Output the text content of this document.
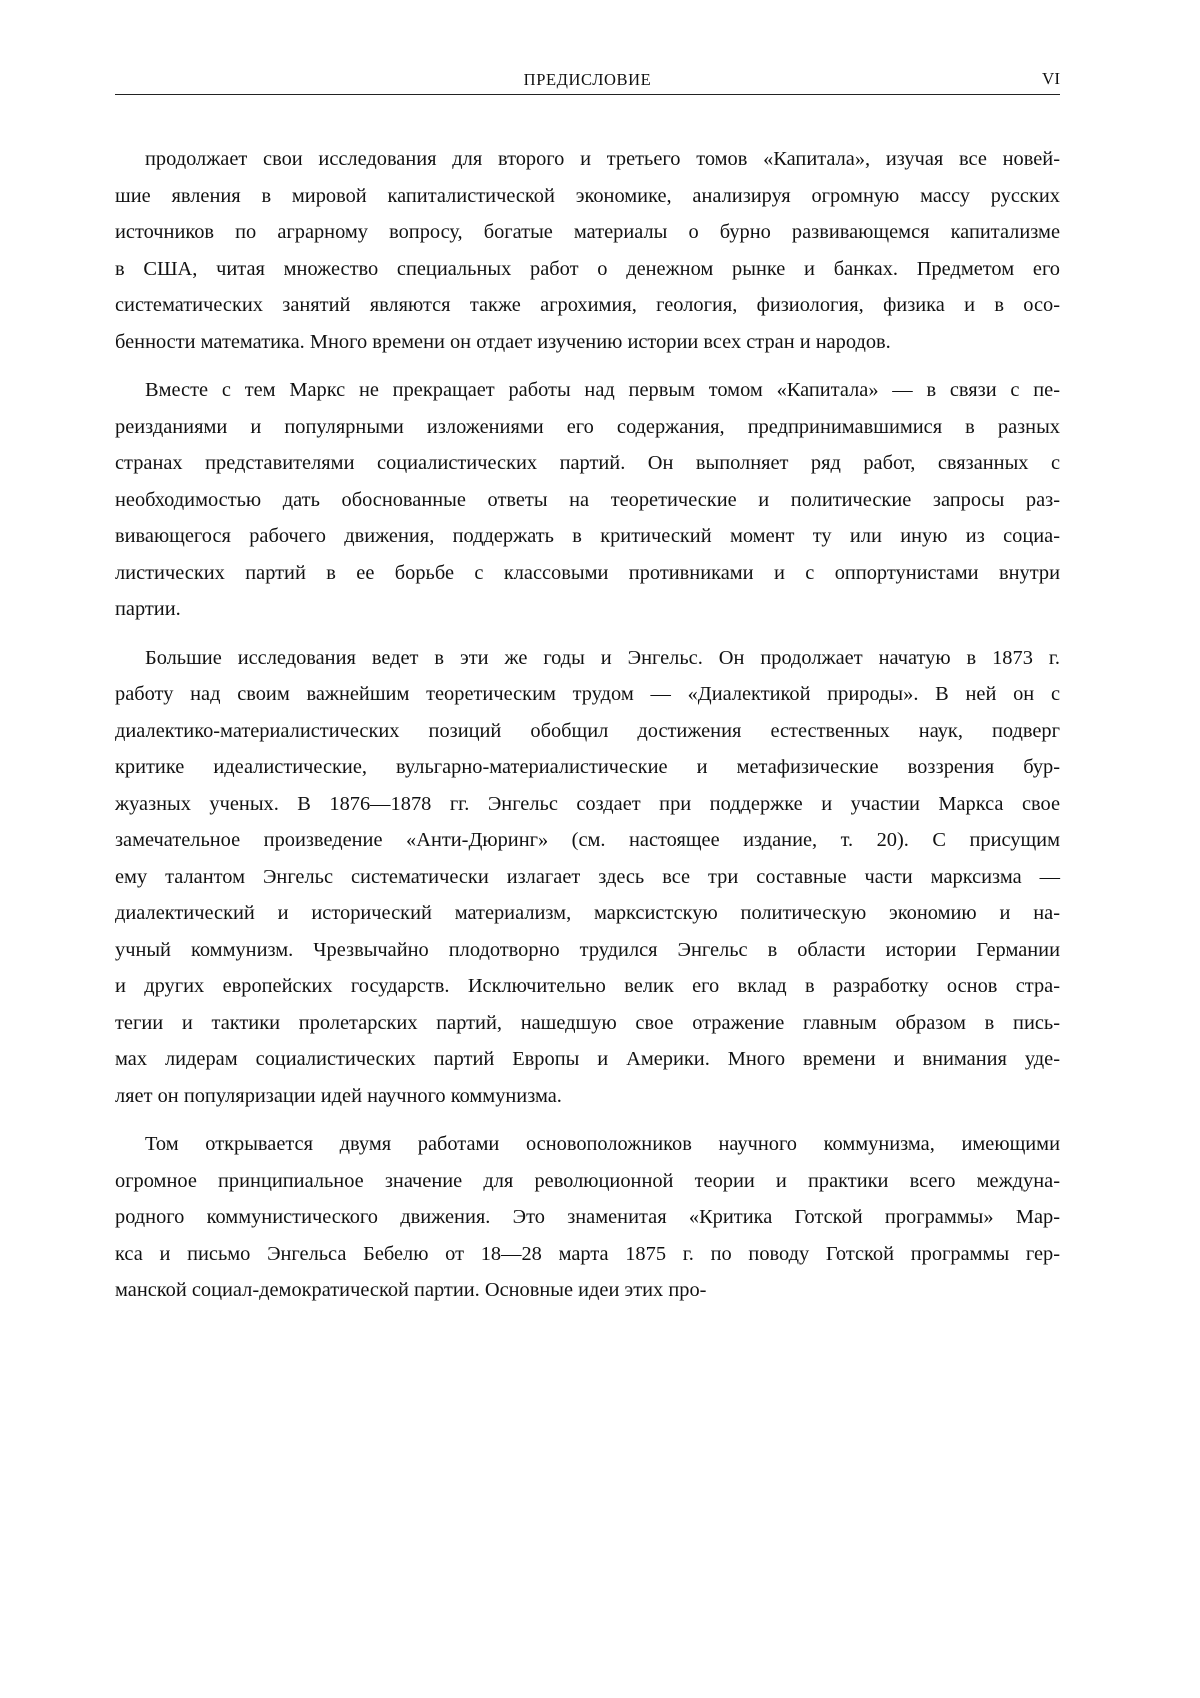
ПРЕДИСЛОВИЕ	VI
продолжает свои исследования для второго и третьего томов «Капитала», изучая все новей-
шие явления в мировой капиталистической экономике, анализируя огромную массу русских
источников по аграрному вопросу, богатые материалы о бурно развивающемся капитализме
в США, читая множество специальных работ о денежном рынке и банках. Предметом его
систематических занятий являются также агрохимия, геология, физиология, физика и в осо-
бенности математика. Много времени он отдает изучению истории всех стран и народов.
Вместе с тем Маркс не прекращает работы над первым томом «Капитала» — в связи с пе-
реизданиями и популярными изложениями его содержания, предпринимавшимися в разных
странах представителями социалистических партий. Он выполняет ряд работ, связанных с
необходимостью дать обоснованные ответы на теоретические и политические запросы раз-
вивающегося рабочего движения, поддержать в критический момент ту или иную из социа-
листических партий в ее борьбе с классовыми противниками и с оппортунистами внутри
партии.
Большие исследования ведет в эти же годы и Энгельс. Он продолжает начатую в 1873 г.
работу над своим важнейшим теоретическим трудом — «Диалектикой природы». В ней он с
диалектико-материалистических позиций обобщил достижения естественных наук, подверг
критике идеалистические, вульгарно-материалистические и метафизические воззрения бур-
жуазных ученых. В 1876—1878 гг. Энгельс создает при поддержке и участии Маркса свое
замечательное произведение «Анти-Дюринг» (см. настоящее издание, т. 20). С присущим
ему талантом Энгельс систематически излагает здесь все три составные части марксизма —
диалектический и исторический материализм, марксистскую политическую экономию и на-
учный коммунизм. Чрезвычайно плодотворно трудился Энгельс в области истории Германии
и других европейских государств. Исключительно велик его вклад в разработку основ стра-
тегии и тактики пролетарских партий, нашедшую свое отражение главным образом в пись-
мах лидерам социалистических партий Европы и Америки. Много времени и внимания уде-
ляет он популяризации идей научного коммунизма.
Том открывается двумя работами основоположников научного коммунизма, имеющими
огромное принципиальное значение для революционной теории и практики всего междуна-
родного коммунистического движения. Это знаменитая «Критика Готской программы» Мар-
кса и письмо Энгельса Бебелю от 18—28 марта 1875 г. по поводу Готской программы гер-
манской социал-демократической партии. Основные идеи этих про-
